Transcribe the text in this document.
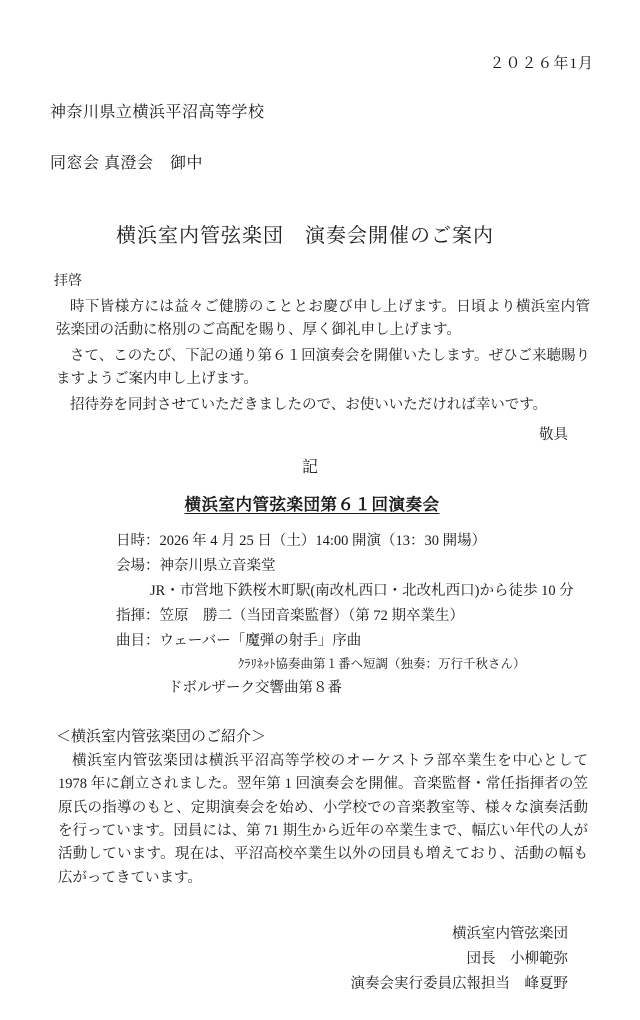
２０２６年1月
神奈川県立横浜平沼高等学校
同窓会 真澄会　御中
横浜室内管弦楽団　演奏会開催のご案内
拝啓

時下皆様方には益々ご健勝のこととお慶び申し上げます。日頃より横浜室内管弦楽団の活動に格別のご高配を賜り、厚く御礼申し上げます。

さて、このたび、下記の通り第６１回演奏会を開催いたします。ぜひご来聴賜りますようご案内申し上げます。

招待券を同封させていただきましたので、お使いいただければ幸いです。

敬具
記
横浜室内管弦楽団第６１回演奏会
日時：2026 年 4 月 25 日（土）14:00 開演（13：30 開場）
会場：神奈川県立音楽堂
JR・市営地下鉄桜木町駅(南改札西口・北改札西口)から徒歩 10 分
指揮：笠原　勝二（当団音楽監督）（第 72 期卒業生）
曲目：ウェーバー「魔弾の射手」序曲
ｸﾗﾘﾈｯﾄ協奏曲第１番ヘ短調（独奏：万行千秋さん）
ドボルザーク交響曲第８番
＜横浜室内管弦楽団のご紹介＞

横浜室内管弦楽団は横浜平沼高等学校のオーケストラ部卒業生を中心として 1978 年に創立されました。翌年第 1 回演奏会を開催。音楽監督・常任指揮者の笠原氏の指導のもと、定期演奏会を始め、小学校での音楽教室等、様々な演奏活動を行っています。団員には、第 71 期生から近年の卒業生まで、幅広い年代の人が活動しています。現在は、平沼高校卒業生以外の団員も増えており、活動の幅も広がってきています。

横浜室内管弦楽団
団長　小柳範弥
演奏会実行委員広報担当　峰夏野
